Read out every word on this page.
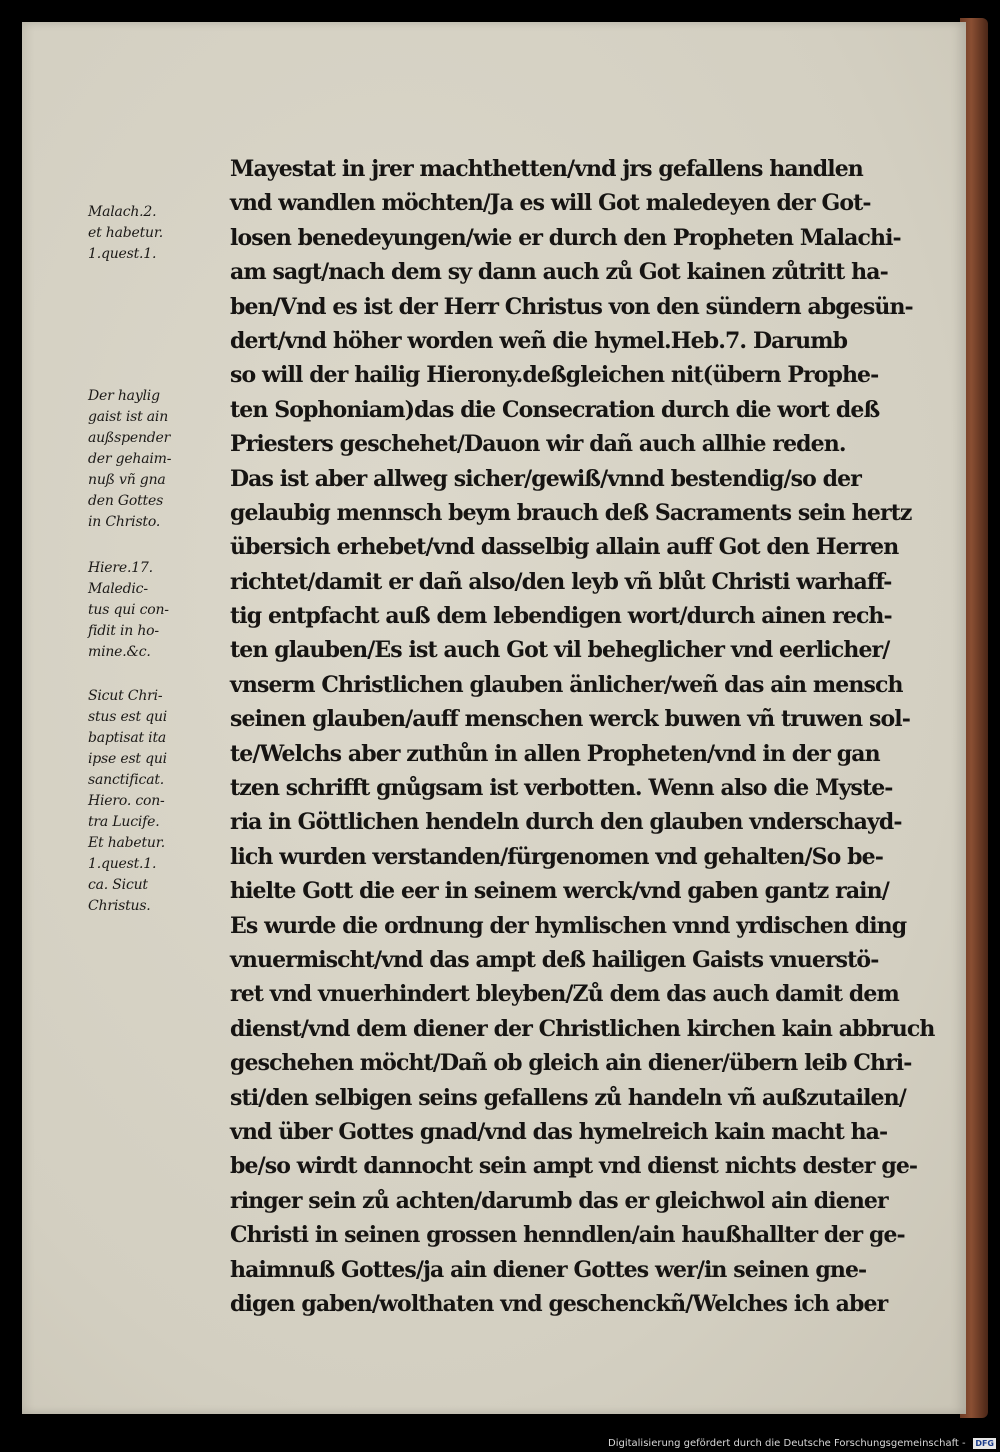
Malach.2.
et habetur.
1.quest.1.

Der haylig
gaist ist ain
außspender
der gehaim-
nuß vñ gna
den Gottes
in Christo.

Hiere.17.
Maledic-
tus qui con-
fidit in ho-
mine.&c.

Sicut Chri-
stus est qui
baptisat ita
ipse est qui
sanctificat.
Hiero. con-
tra Lucife.
Et habetur.
1.quest.1.
ca. Sicut
Christus.

Mayestat in jrer machthetten/vnd jrs gefallens handlen
vnd wandlen möchten/Ja es will Got maledeyen der Got-
losen benedeyungen/wie er durch den Propheten Malachi-
am sagt/nach dem sy dann auch zů Got kainen zůtritt ha-
ben/Vnd es ist der Herr Christus von den sündern abgesün-
dert/vnd höher worden weñ die hymel.Heb.7. Darumb
so will der hailig Hierony.deßgleichen nit(übern Prophe-
ten Sophoniam)das die Consecration durch die wort deß
Priesters geschehet/Dauon wir dañ auch allhie reden.
Das ist aber allweg sicher/gewiß/vnnd bestendig/so der
gelaubig mennsch beym brauch deß Sacraments sein hertz
übersich erhebet/vnd dasselbig allain auff Got den Herren
richtet/damit er dañ also/den leyb vñ blůt Christi warhaff-
tig entpfacht auß dem lebendigen wort/durch ainen rech-
ten glauben/Es ist auch Got vil beheglicher vnd eerlicher/
vnserm Christlichen glauben änlicher/weñ das ain mensch
seinen glauben/auff menschen werck buwen vñ truwen sol-
te/Welchs aber zuthůn in allen Propheten/vnd in der gan
tzen schrifft gnůgsam ist verbotten. Wenn also die Myste-
ria in Göttlichen hendeln durch den glauben vnderschayd-
lich wurden verstanden/fürgenomen vnd gehalten/So be-
hielte Gott die eer in seinem werck/vnd gaben gantz rain/
Es wurde die ordnung der hymlischen vnnd yrdischen ding
vnuermischt/vnd das ampt deß hailigen Gaists vnuerstö-
ret vnd vnuerhindert bleyben/Zů dem das auch damit dem
dienst/vnd dem diener der Christlichen kirchen kain abbruch
geschehen möcht/Dañ ob gleich ain diener/übern leib Chri-
sti/den selbigen seins gefallens zů handeln vñ außzutailen/
vnd über Gottes gnad/vnd das hymelreich kain macht ha-
be/so wirdt dannocht sein ampt vnd dienst nichts dester ge-
ringer sein zů achten/darumb das er gleichwol ain diener
Christi in seinen grossen henndlen/ain haußhallter der ge-
haimnuß Gottes/ja ain diener Gottes wer/in seinen gne-
digen gaben/wolthaten vnd geschenckñ/Welches ich aber
Digitalisierung gefördert durch die Deutsche Forschungsgemeinschaft - DFG
